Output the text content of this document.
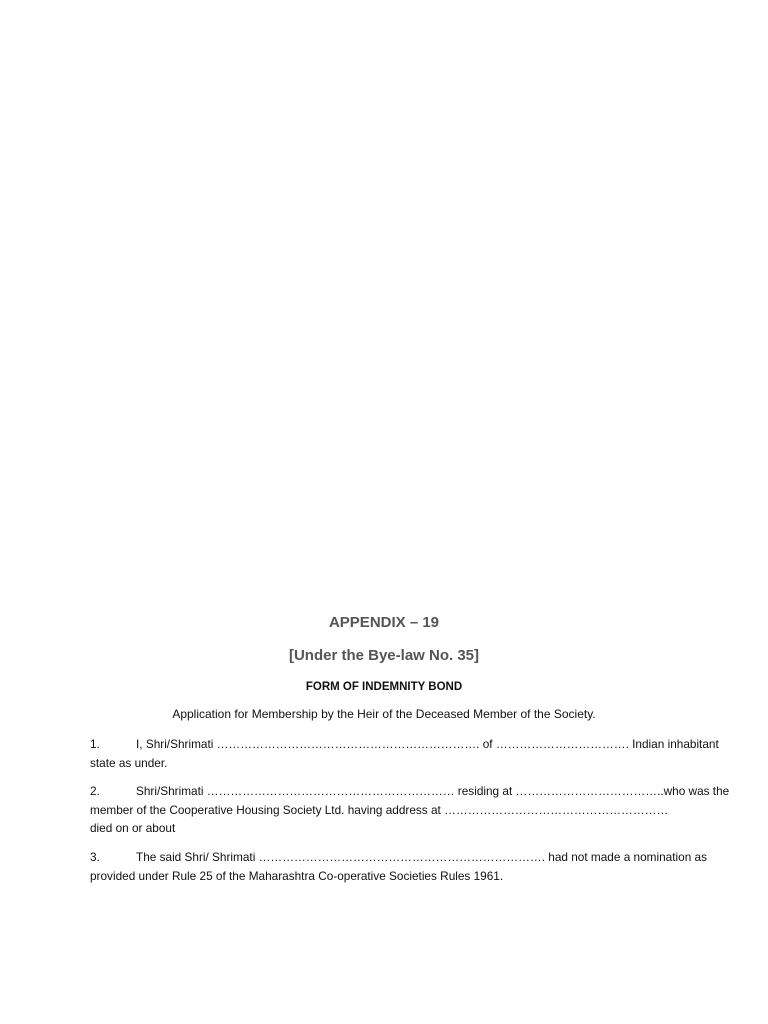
APPENDIX – 19
[Under the Bye-law No. 35]
FORM OF INDEMNITY BOND
Application for Membership by the Heir of the Deceased Member of the Society.
1.	I, Shri/Shrimati …………………………………………………………. of ……………………………. Indian inhabitant
state as under.
2.	Shri/Shrimati ……………………………………………………… residing at ………………………………..who was the
member of the Cooperative Housing Society Ltd. having address at …………………………………………………
died on or about
3.	The said Shri/ Shrimati ………………………………………………………………. had not made a nomination as
provided under Rule 25 of the Maharashtra Co-operative Societies Rules 1961.
